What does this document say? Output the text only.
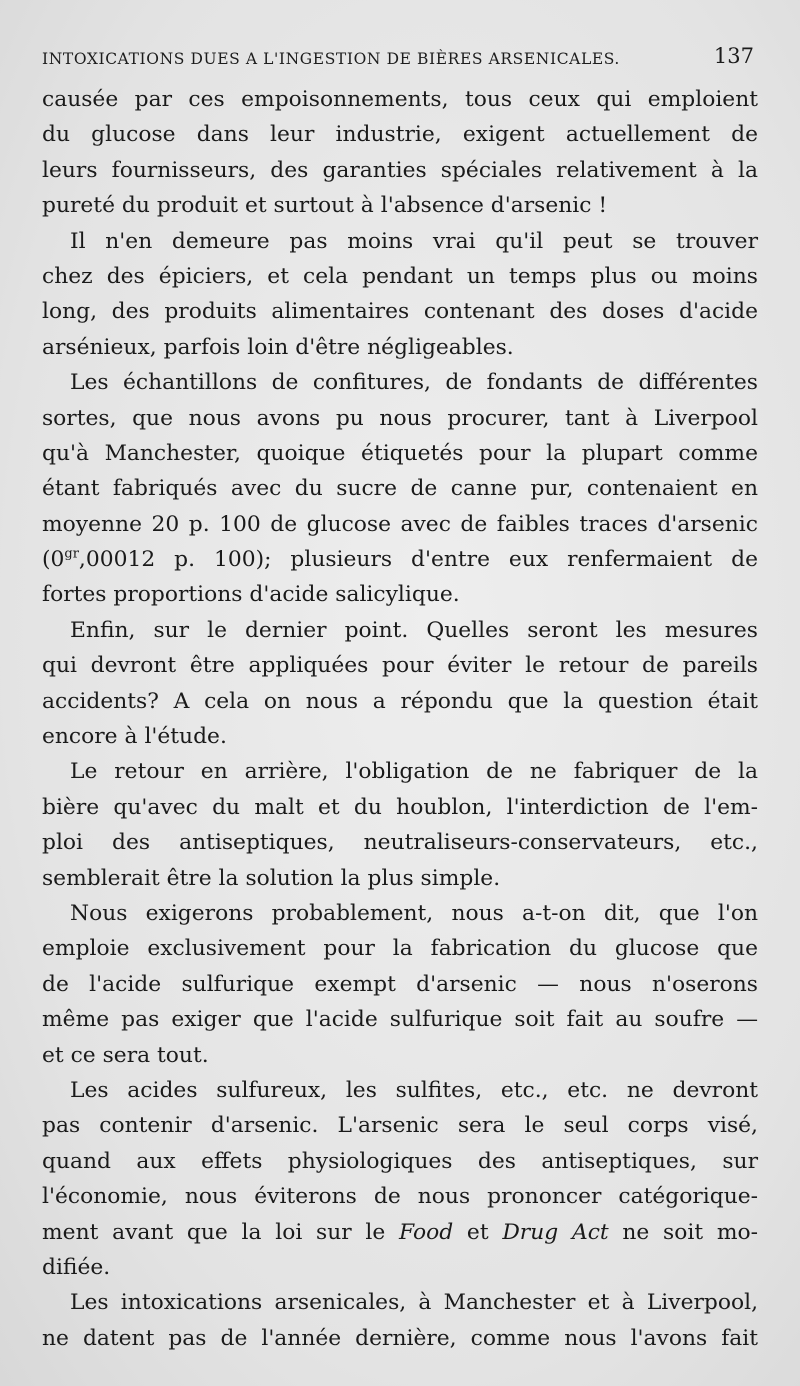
INTOXICATIONS DUES A L'INGESTION DE BIÈRES ARSENICALES.	137
causée par ces empoisonnements, tous ceux qui emploient
du glucose dans leur industrie, exigent actuellement de
leurs fournisseurs, des garanties spéciales relativement à la
pureté du produit et surtout à l'absence d'arsenic !
Il n'en demeure pas moins vrai qu'il peut se trouver
chez des épiciers, et cela pendant un temps plus ou moins
long, des produits alimentaires contenant des doses d'acide
arsénieux, parfois loin d'être négligeables.
Les échantillons de confitures, de fondants de différentes
sortes, que nous avons pu nous procurer, tant à Liverpool
qu'à Manchester, quoique étiquetés pour la plupart comme
étant fabriqués avec du sucre de canne pur, contenaient en
moyenne 20 p. 100 de glucose avec de faibles traces d'arsenic
($0^{gr},00012$ p. 100); plusieurs d'entre eux renfermaient de
fortes proportions d'acide salicylique.
Enfin, sur le dernier point. Quelles seront les mesures
qui devront être appliquées pour éviter le retour de pareils
accidents? A cela on nous a répondu que la question était
encore à l'étude.
Le retour en arrière, l'obligation de ne fabriquer de la
bière qu'avec du malt et du houblon, l'interdiction de l'em-
ploi des antiseptiques, neutraliseurs-conservateurs, etc.,
semblerait être la solution la plus simple.
Nous exigerons probablement, nous a-t-on dit, que l'on
emploie exclusivement pour la fabrication du glucose que
de l'acide sulfurique exempt d'arsenic — nous n'oserons
même pas exiger que l'acide sulfurique soit fait au soufre —
et ce sera tout.
Les acides sulfureux, les sulfites, etc., etc. ne devront
pas contenir d'arsenic. L'arsenic sera le seul corps visé,
quand aux effets physiologiques des antiseptiques, sur
l'économie, nous éviterons de nous prononcer catégorique-
ment avant que la loi sur le Food et Drug Act ne soit mo-
difiée.
Les intoxications arsenicales, à Manchester et à Liverpool,
ne datent pas de l'année dernière, comme nous l'avons fait
